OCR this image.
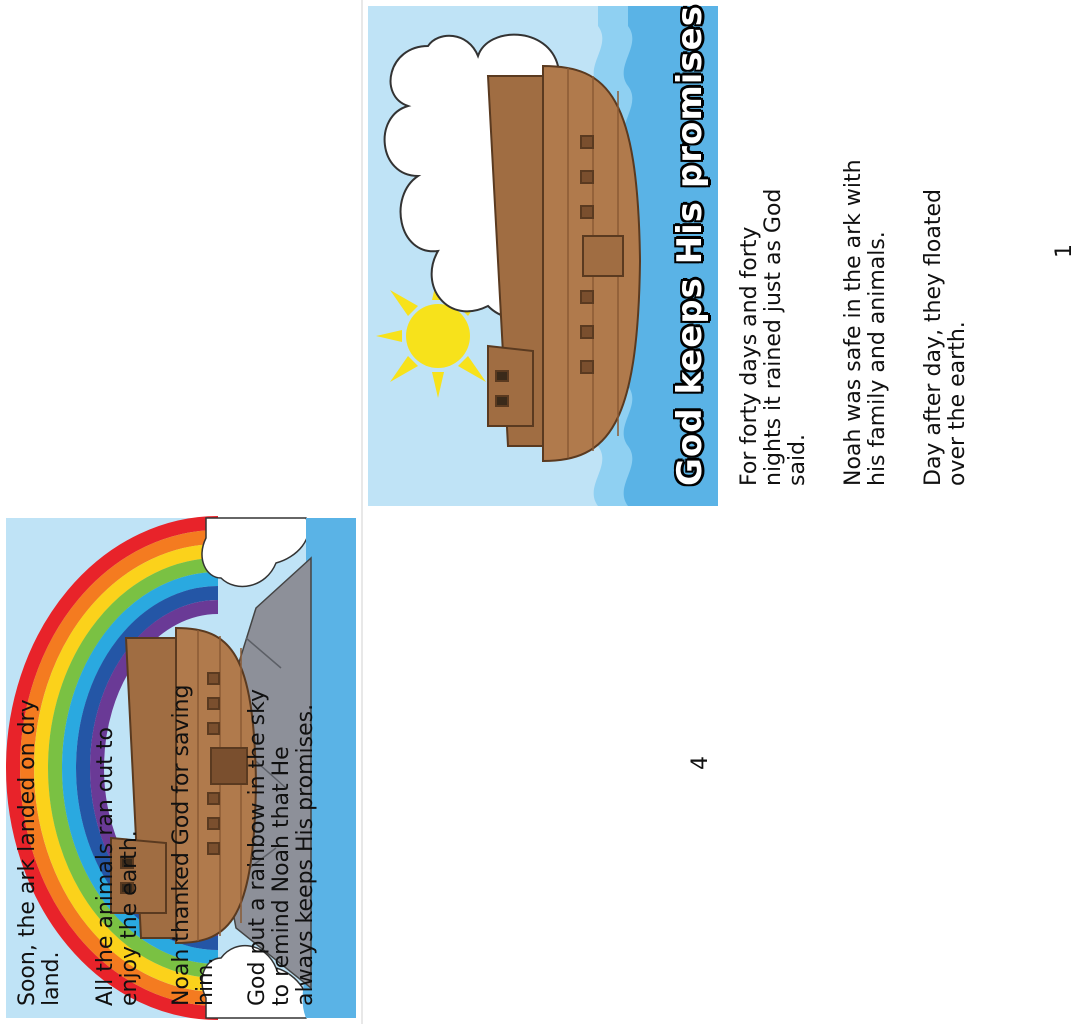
God keeps His promises For forty days and forty nights it rained just as God said. Noah was safe in the ark with his family and animals. Day after day, they floated over the earth.
1
Soon, the ark landed on dry land. All the animals ran out to enjoy the earth. Noah thanked God for saving him. God put a rainbow in the sky to remind Noah that He always keeps His promises.	4
